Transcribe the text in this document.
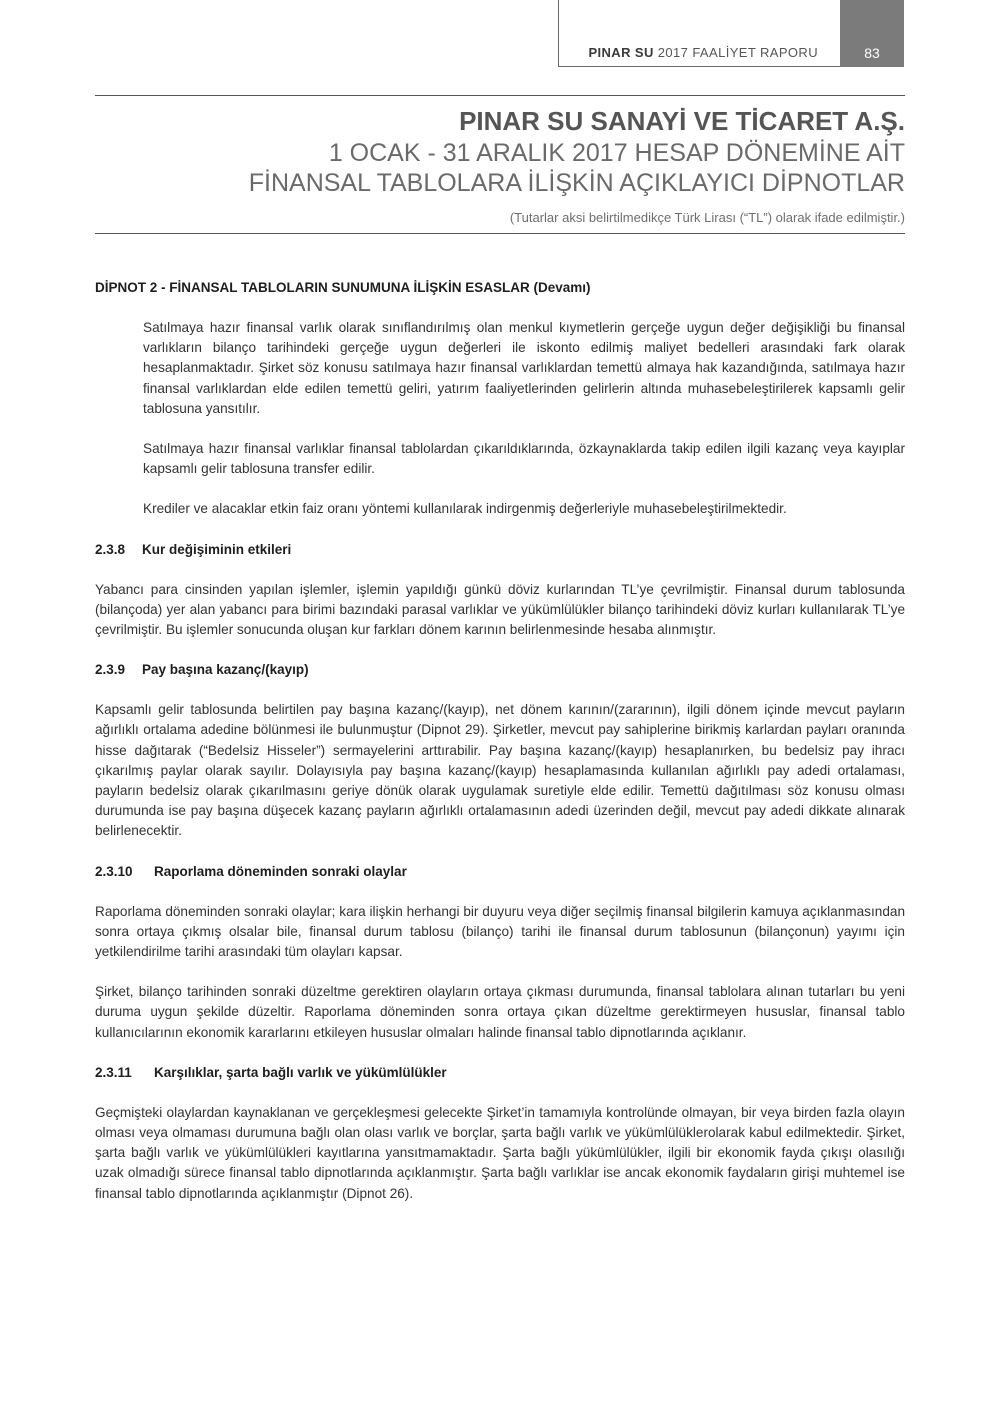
PINAR SU 2017 FAALİYET RAPORU	83
PINAR SU SANAYİ VE TİCARET A.Ş.
1 OCAK - 31 ARALIK 2017 HESAP DÖNEMİNE AİT
FİNANSAL TABLOLARA İLİŞKİN AÇIKLAYICI DİPNOTLAR
(Tutarlar aksi belirtilmedikçe Türk Lirası (“TL”) olarak ifade edilmiştir.)
DİPNOT 2 - FİNANSAL TABLOLARIN SUNUMUNA İLİŞKİN ESASLAR (Devamı)

Satılmaya hazır finansal varlık olarak sınıflandırılmış olan menkul kıymetlerin gerçeğe uygun değer değişikliği bu finansal varlıkların bilanço tarihindeki gerçeğe uygun değerleri ile iskonto edilmiş maliyet bedelleri arasındaki fark olarak hesaplanmaktadır. Şirket söz konusu satılmaya hazır finansal varlıklardan temettü almaya hak kazandığında, satılmaya hazır finansal varlıklardan elde edilen temettü geliri, yatırım faaliyetlerinden gelirlerin altında muhasebeleştirilerek kapsamlı gelir tablosuna yansıtılır.

Satılmaya hazır finansal varlıklar finansal tablolardan çıkarıldıklarında, özkaynaklarda takip edilen ilgili kazanç veya kayıplar kapsamlı gelir tablosuna transfer edilir.

Krediler ve alacaklar etkin faiz oranı yöntemi kullanılarak indirgenmiş değerleriyle muhasebeleştirilmektedir.

2.3.8 Kur değişiminin etkileri

Yabancı para cinsinden yapılan işlemler, işlemin yapıldığı günkü döviz kurlarından TL’ye çevrilmiştir. Finansal durum tablosunda (bilançoda) yer alan yabancı para birimi bazındaki parasal varlıklar ve yükümlülükler bilanço tarihindeki döviz kurları kullanılarak TL’ye çevrilmiştir. Bu işlemler sonucunda oluşan kur farkları dönem karının belirlenmesinde hesaba alınmıştır.

2.3.9 Pay başına kazanç/(kayıp)

Kapsamlı gelir tablosunda belirtilen pay başına kazanç/(kayıp), net dönem karının/(zararının), ilgili dönem içinde mevcut payların ağırlıklı ortalama adedine bölünmesi ile bulunmuştur (Dipnot 29). Şirketler, mevcut pay sahiplerine birikmiş karlardan payları oranında hisse dağıtarak (“Bedelsiz Hisseler”) sermayelerini arttırabilir. Pay başına kazanç/(kayıp) hesaplanırken, bu bedelsiz pay ihracı çıkarılmış paylar olarak sayılır. Dolayısıyla pay başına kazanç/(kayıp) hesaplamasında kullanılan ağırlıklı pay adedi ortalaması, payların bedelsiz olarak çıkarılmasını geriye dönük olarak uygulamak suretiyle elde edilir. Temettü dağıtılması söz konusu olması durumunda ise pay başına düşecek kazanç payların ağırlıklı ortalamasının adedi üzerinden değil, mevcut pay adedi dikkate alınarak belirlenecektir.

2.3.10 Raporlama döneminden sonraki olaylar

Raporlama döneminden sonraki olaylar; kara ilişkin herhangi bir duyuru veya diğer seçilmiş finansal bilgilerin kamuya açıklanmasından sonra ortaya çıkmış olsalar bile, finansal durum tablosu (bilanço) tarihi ile finansal durum tablosunun (bilançonun) yayımı için yetkilendirilme tarihi arasındaki tüm olayları kapsar.

Şirket, bilanço tarihinden sonraki düzeltme gerektiren olayların ortaya çıkması durumunda, finansal tablolara alınan tutarları bu yeni duruma uygun şekilde düzeltir. Raporlama döneminden sonra ortaya çıkan düzeltme gerektirmeyen hususlar, finansal tablo kullanıcılarının ekonomik kararlarını etkileyen hususlar olmaları halinde finansal tablo dipnotlarında açıklanır.

2.3.11 Karşılıklar, şarta bağlı varlık ve yükümlülükler

Geçmişteki olaylardan kaynaklanan ve gerçekleşmesi gelecekte Şirket’in tamamıyla kontrolünde olmayan, bir veya birden fazla olayın olması veya olmaması durumuna bağlı olan olası varlık ve borçlar, şarta bağlı varlık ve yükümlülüklerolarak kabul edilmektedir. Şirket, şarta bağlı varlık ve yükümlülükleri kayıtlarına yansıtmamaktadır. Şarta bağlı yükümlülükler, ilgili bir ekonomik fayda çıkışı olasılığı uzak olmadığı sürece finansal tablo dipnotlarında açıklanmıştır. Şarta bağlı varlıklar ise ancak ekonomik faydaların girişi muhtemel ise finansal tablo dipnotlarında açıklanmıştır (Dipnot 26).
